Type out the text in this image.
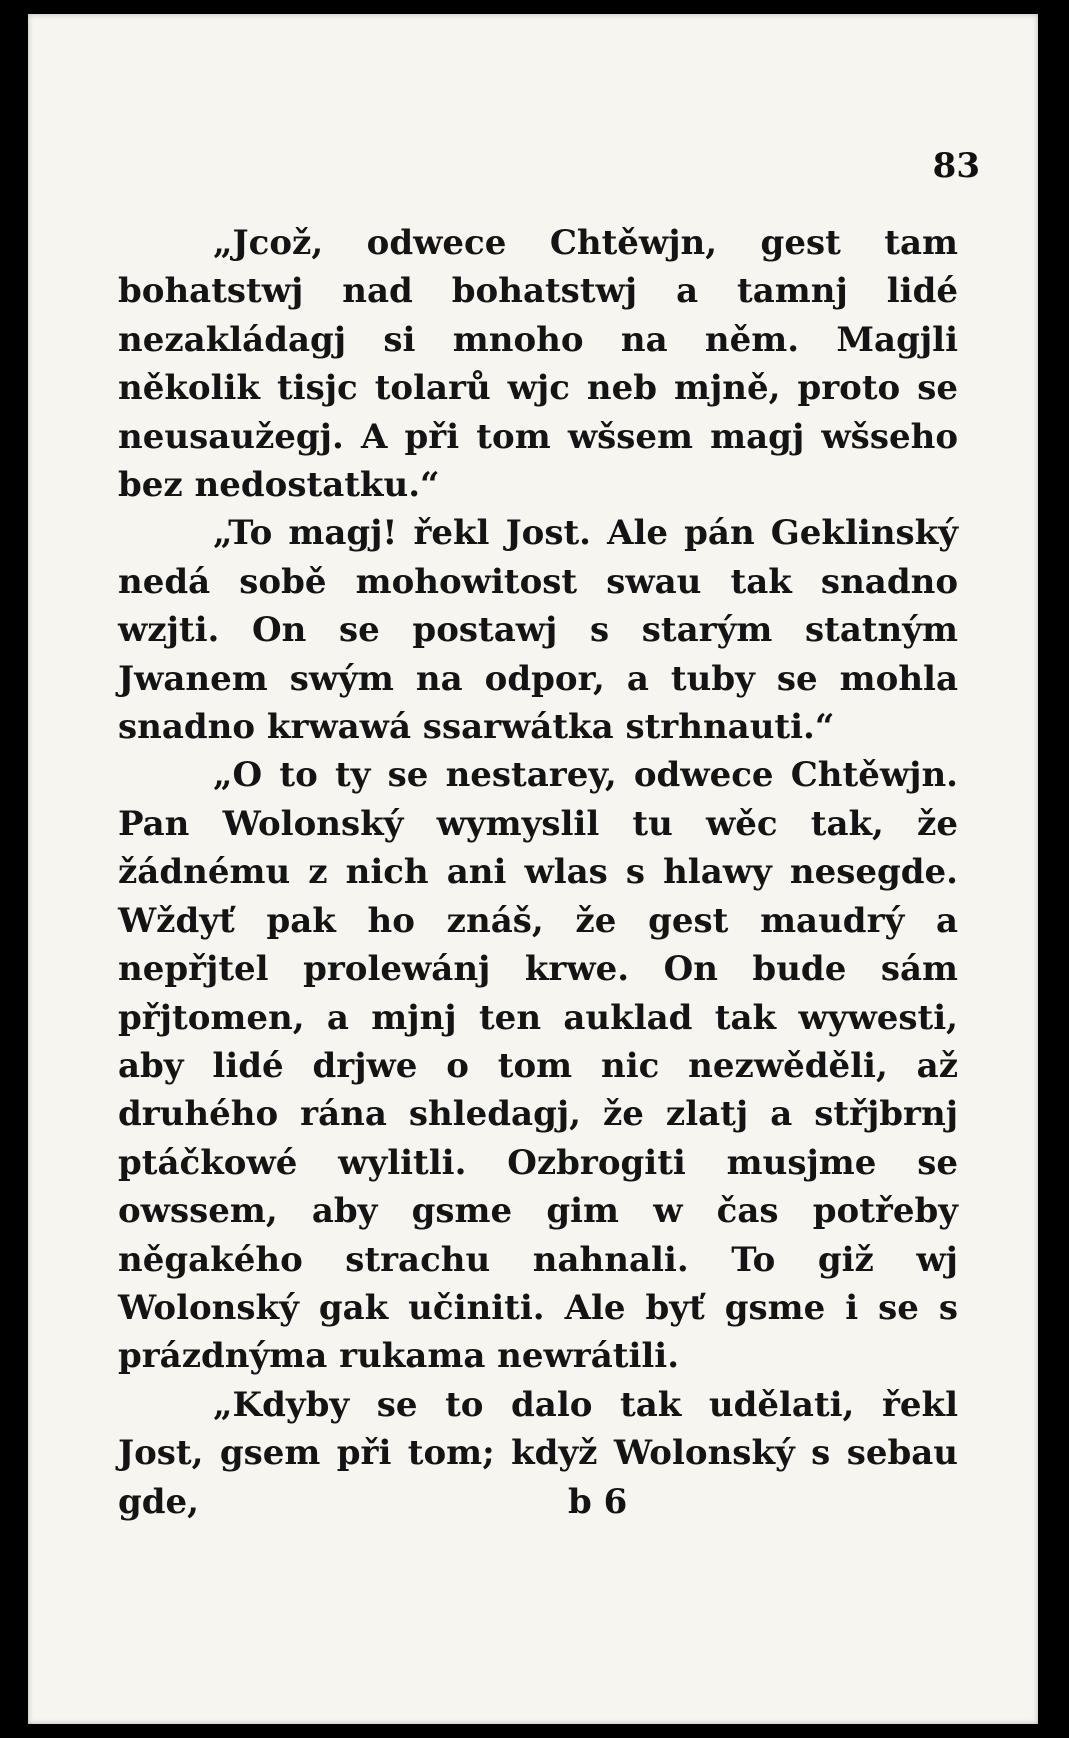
83

„Jcož, odwece Chtěwjn, gest tam bohatstwj nad bohatstwj a tamnj lidé nezakládagj si mnoho na něm. Magjli několik tisjc tolarů wjc neb mjně, proto se neusaužegj. A při tom wšsem magj wšseho bez nedostatku.“

„To magj! řekl Jost. Ale pán Geklinský nedá sobě mohowitost swau tak snadno wzjti. On se postawj s starým statným Jwanem swým na odpor, a tuby se mohla snadno krwawá ssarwátka strhnauti.“

„O to ty se nestarey, odwece Chtěwjn. Pan Wolonský wymyslil tu wěc tak, že žádnému z nich ani wlas s hlawy nesegde. Wždyť pak ho znáš, že gest maudrý a nepřjtel prolewánj krwe. On bude sám přjtomen, a mjnj ten auklad tak wywesti, aby lidé drjwe o tom nic nezwěděli, až druhého rána shledagj, že zlatj a střjbrnj ptáčkowé wylitli. Ozbrogiti musjme se owssem, aby gsme gim w čas potřeby něgakého strachu nahnali. To giž wj Wolonský gak učiniti. Ale byť gsme i se s prázdnýma rukama newrátili.

„Kdyby se to dalo tak udělati, řekl Jost, gsem při tom; když Wolonský s sebau gde,	b 6
